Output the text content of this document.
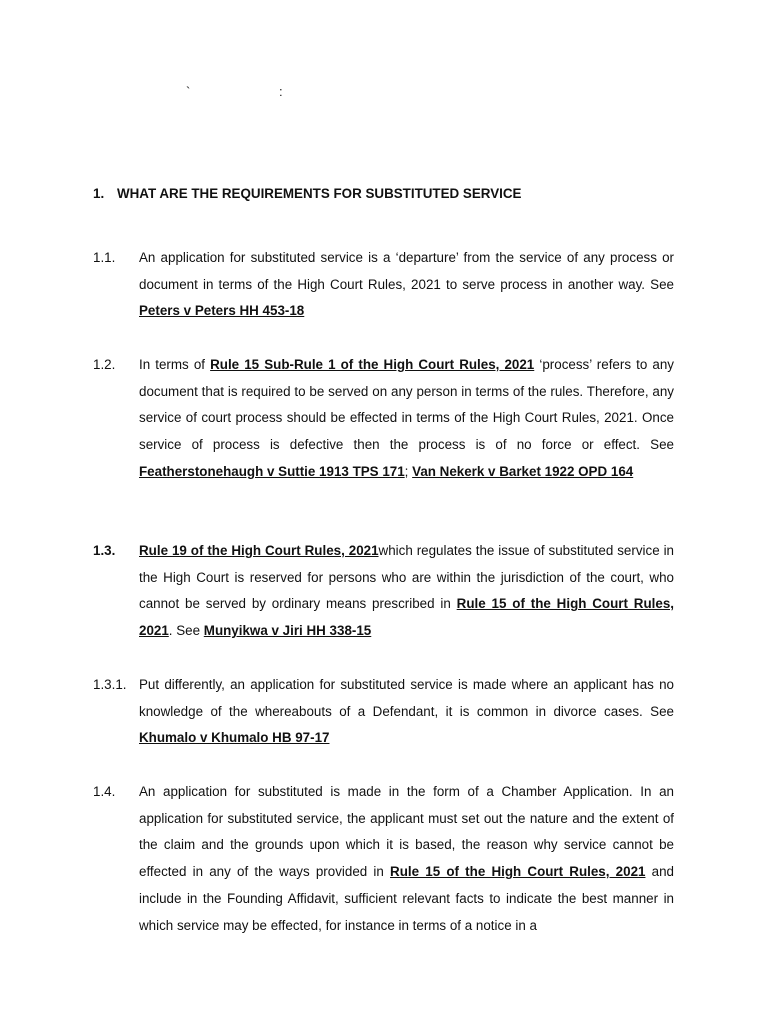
`	:
1. WHAT ARE THE REQUIREMENTS FOR SUBSTITUTED SERVICE
1.1. An application for substituted service is a ‘departure’ from the service of any process or document in terms of the High Court Rules, 2021 to serve process in another way. See Peters v Peters HH 453-18
1.2. In terms of Rule 15 Sub-Rule 1 of the High Court Rules, 2021 ‘process’ refers to any document that is required to be served on any person in terms of the rules. Therefore, any service of court process should be effected in terms of the High Court Rules, 2021. Once service of process is defective then the process is of no force or effect. See Featherstonehaugh v Suttie 1913 TPS 171; Van Nekerk v Barket 1922 OPD 164
1.3. Rule 19 of the High Court Rules, 2021which regulates the issue of substituted service in the High Court is reserved for persons who are within the jurisdiction of the court, who cannot be served by ordinary means prescribed in Rule 15 of the High Court Rules, 2021. See Munyikwa v Jiri HH 338-15
1.3.1. Put differently, an application for substituted service is made where an applicant has no knowledge of the whereabouts of a Defendant, it is common in divorce cases. See Khumalo v Khumalo HB 97-17
1.4. An application for substituted is made in the form of a Chamber Application. In an application for substituted service, the applicant must set out the nature and the extent of the claim and the grounds upon which it is based, the reason why service cannot be effected in any of the ways provided in Rule 15 of the High Court Rules, 2021 and include in the Founding Affidavit, sufficient relevant facts to indicate the best manner in which service may be effected, for instance in terms of a notice in a
